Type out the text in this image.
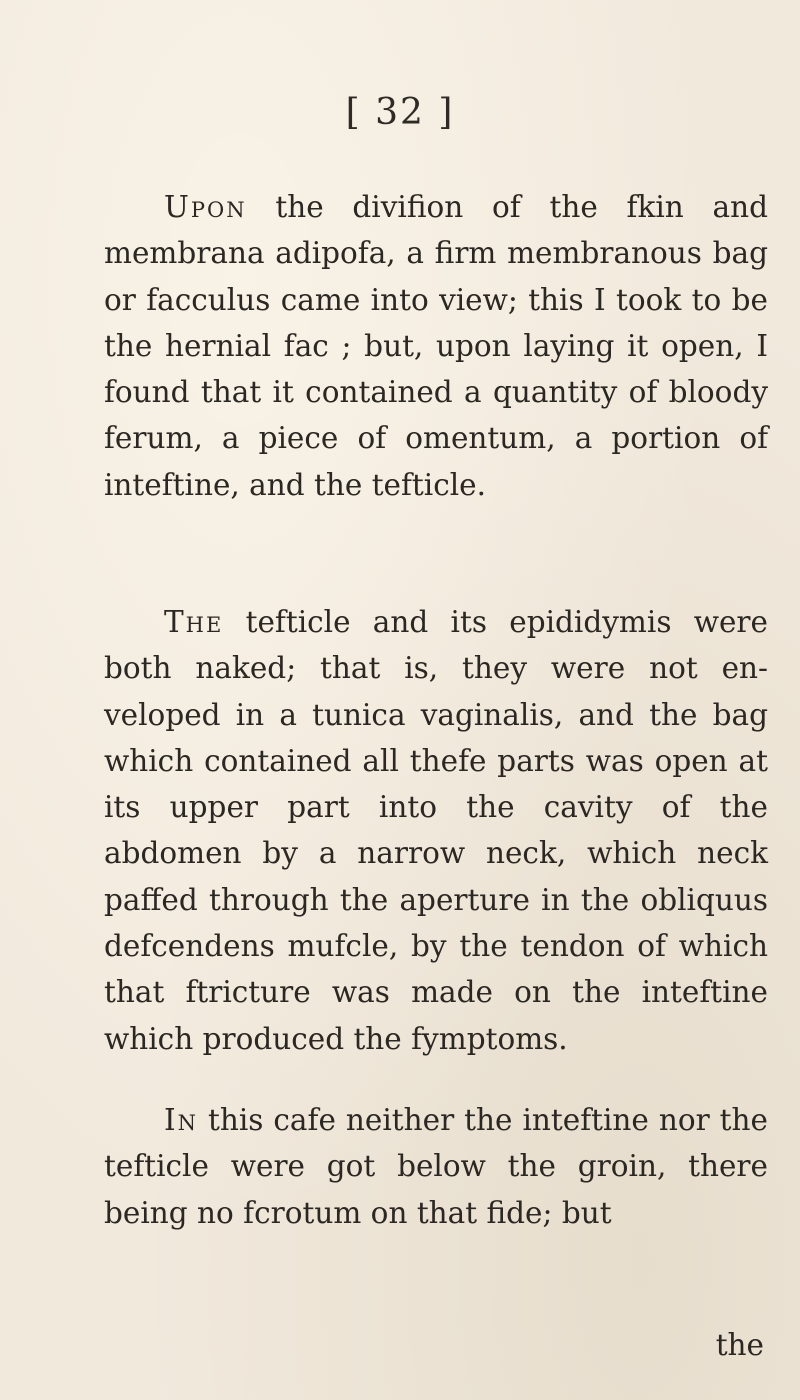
[ 32 ]

Upon the divifion of the fkin and membrana adipofa, a firm membranous bag or facculus came into view; this I took to be the hernial fac ; but, upon laying it open, I found that it contained a quantity of bloody ferum, a piece of omentum, a portion of inteftine, and the tefticle.

The tefticle and its epididymis were both naked; that is, they were not en veloped in a tunica vaginalis, and the bag which contained all thefe parts was open at its upper part into the cavity of the abdomen by a narrow neck, which neck paffed through the aperture in the obliquus defcendens mufcle, by the tendon of which that ftricture was made on the inteftine which produced the fymptoms.

In this cafe neither the inteftine nor the tefticle were got below the groin, there being no fcrotum on that fide; but

the
